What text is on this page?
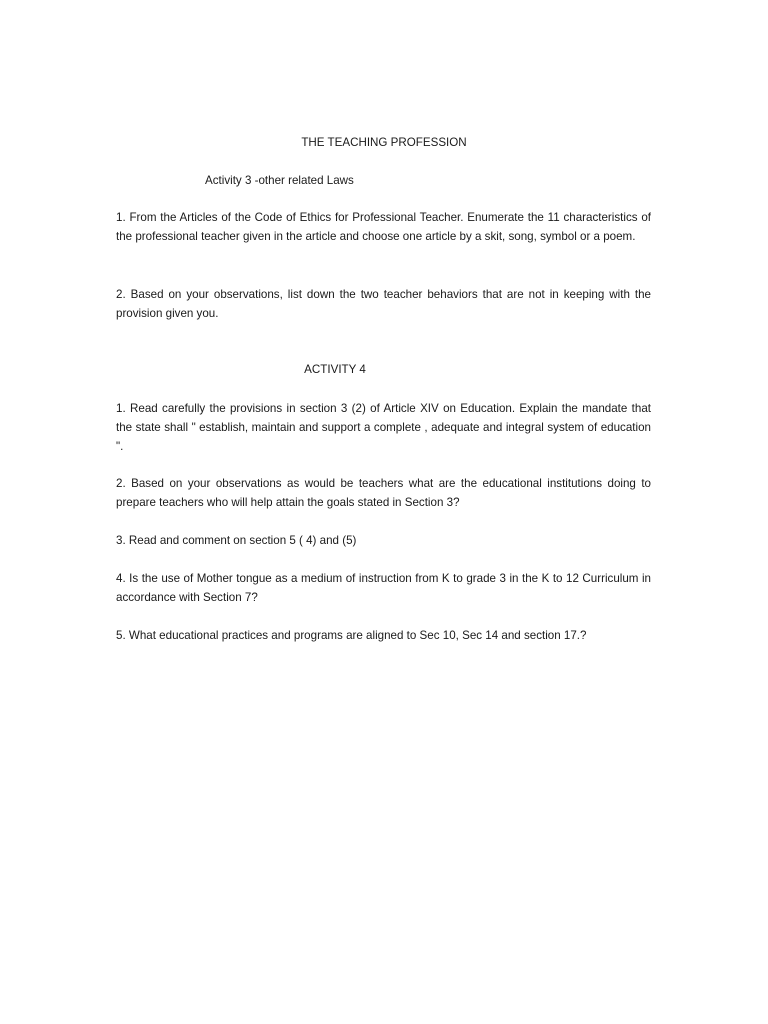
THE TEACHING PROFESSION
Activity 3 -other related Laws

1. From the Articles of the Code of Ethics for Professional Teacher. Enumerate the 11 characteristics of the professional teacher given in the article and choose one article by a skit, song, symbol or a poem.

2. Based on your observations, list down the two teacher behaviors that are not in keeping with the provision given you.

ACTIVITY 4

1. Read carefully the provisions in section 3 (2) of Article XIV on Education. Explain the mandate that the state shall " establish, maintain and support a complete , adequate and integral system of education ".

2. Based on your observations as would be teachers what are the educational institutions doing to prepare teachers who will help attain the goals stated in Section 3?

3. Read and comment on section 5 ( 4) and (5)

4. Is the use of Mother tongue as a medium of instruction from K to grade 3 in the K to 12 Curriculum in accordance with Section 7?

5. What educational practices and programs are aligned to Sec 10, Sec 14 and section 17.?
